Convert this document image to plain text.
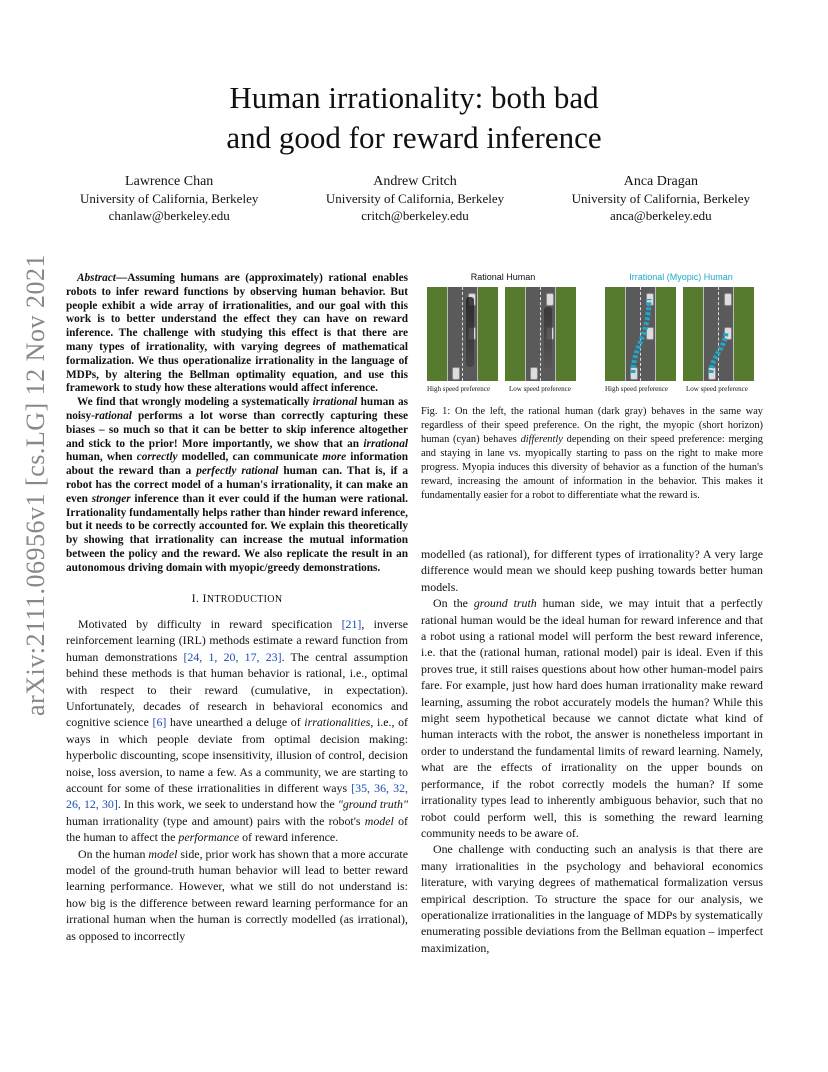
arXiv:2111.06956v1 [cs.LG] 12 Nov 2021
Human irrationality: both bad
and good for reward inference
Lawrence Chan
University of California, Berkeley
chanlaw@berkeley.edu
Andrew Critch
University of California, Berkeley
critch@berkeley.edu
Anca Dragan
University of California, Berkeley
anca@berkeley.edu

Abstract—Assuming humans are (approximately) rational enables robots to infer reward functions by observing human behavior. But people exhibit a wide array of irrationalities, and our goal with this work is to better understand the effect they can have on reward inference. The challenge with studying this effect is that there are many types of irrationality, with varying degrees of mathematical formalization. We thus operationalize irrationality in the language of MDPs, by altering the Bellman optimality equation, and use this framework to study how these alterations would affect inference.

We find that wrongly modeling a systematically irrational human as noisy-rational performs a lot worse than correctly capturing these biases – so much so that it can be better to skip inference altogether and stick to the prior! More importantly, we show that an irrational human, when correctly modelled, can communicate more information about the reward than a perfectly rational human can. That is, if a robot has the correct model of a human's irrationality, it can make an even stronger inference than it ever could if the human were rational. Irrationality fundamentally helps rather than hinder reward inference, but it needs to be correctly accounted for. We explain this theoretically by showing that irrationality can increase the mutual information between the policy and the reward. We also replicate the result in an autonomous driving domain with myopic/greedy demonstrations.

I. INTRODUCTION

Motivated by difficulty in reward specification [21], inverse reinforcement learning (IRL) methods estimate a reward function from human demonstrations [24, 1, 20, 17, 23]. The central assumption behind these methods is that human behavior is rational, i.e., optimal with respect to their reward (cumulative, in expectation). Unfortunately, decades of research in behavioral economics and cognitive science [6] have unearthed a deluge of irrationalities, i.e., of ways in which people deviate from optimal decision making: hyperbolic discounting, scope insensitivity, illusion of control, decision noise, loss aversion, to name a few. As a community, we are starting to account for some of these irrationalities in different ways [35, 36, 32, 26, 12, 30]. In this work, we seek to understand how the "ground truth" human irrationality (type and amount) pairs with the robot's model of the human to affect the performance of reward inference.

On the human model side, prior work has shown that a more accurate model of the ground-truth human behavior will lead to better reward learning performance. However, what we still do not understand is: how big is the difference between reward learning performance for an irrational human when the human is correctly modelled (as irrational), as opposed to incorrectly

Rational Human	Irrational (Myopic) Human
High speed preference	Low speed preference	High speed preference	Low speed preference
Fig. 1: On the left, the rational human (dark gray) behaves in the same way regardless of their speed preference. On the right, the myopic (short horizon) human (cyan) behaves differently depending on their speed preference: merging and staying in lane vs. myopically starting to pass on the right to make more progress. Myopia induces this diversity of behavior as a function of the human's reward, increasing the amount of information in the behavior. This makes it fundamentally easier for a robot to differentiate what the reward is.

modelled (as rational), for different types of irrationality? A very large difference would mean we should keep pushing towards better human models.

On the ground truth human side, we may intuit that a perfectly rational human would be the ideal human for reward inference and that a robot using a rational model will perform the best reward inference, i.e. that the (rational human, rational model) pair is ideal. Even if this proves true, it still raises questions about how other human-model pairs fare. For example, just how hard does human irrationality make reward learning, assuming the robot accurately models the human? While this might seem hypothetical because we cannot dictate what kind of human interacts with the robot, the answer is nonetheless important in order to understand the fundamental limits of reward learning. Namely, what are the effects of irrationality on the upper bounds on performance, if the robot correctly models the human? If some irrationality types lead to inherently ambiguous behavior, such that no robot could perform well, this is something the reward learning community needs to be aware of.

One challenge with conducting such an analysis is that there are many irrationalities in the psychology and behavioral economics literature, with varying degrees of mathematical formalization versus empirical description. To structure the space for our analysis, we operationalize irrationalities in the language of MDPs by systematically enumerating possible deviations from the Bellman equation – imperfect maximization,
